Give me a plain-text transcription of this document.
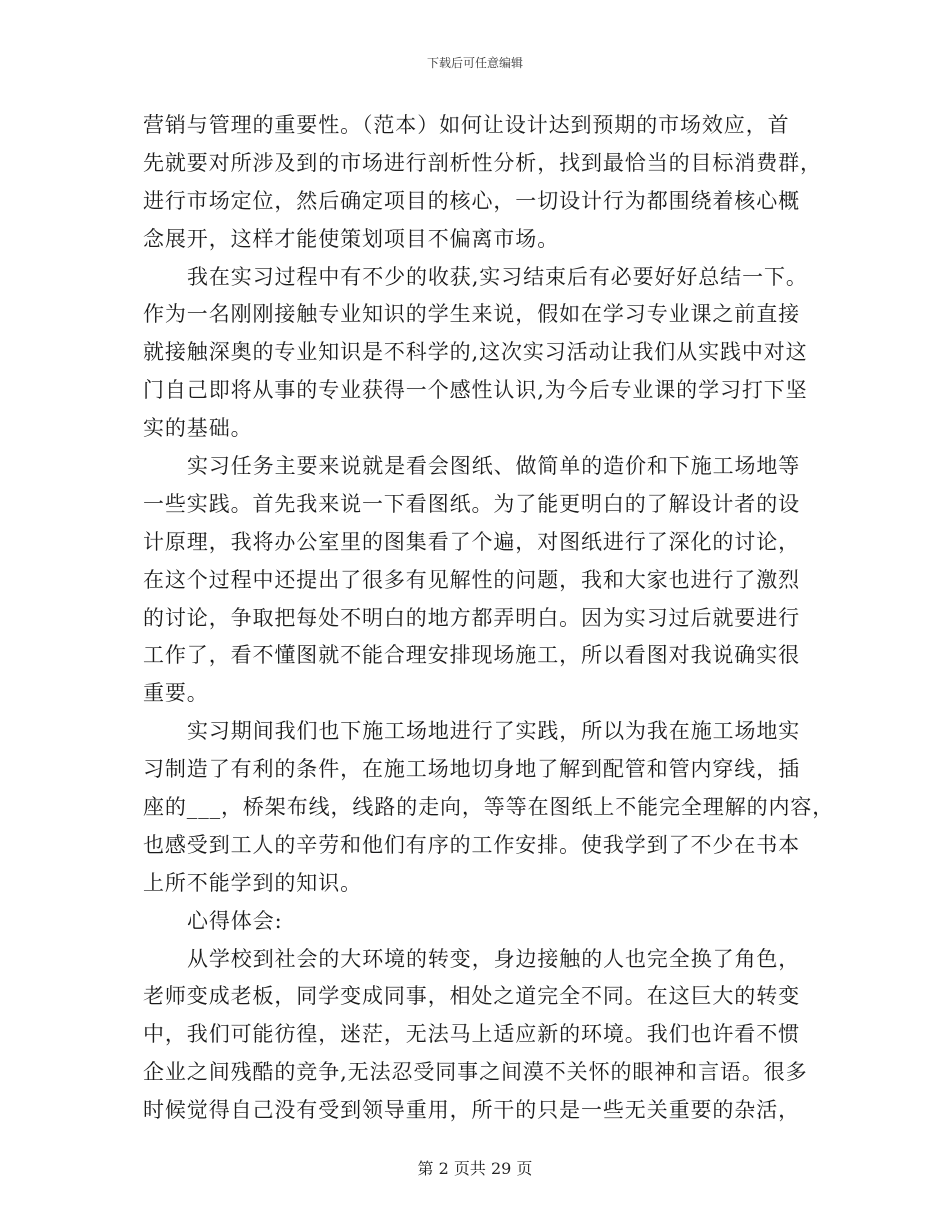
下载后可任意编辑
营销与管理的重要性。（范本）如何让设计达到预期的市场效应，首
先就要对所涉及到的市场进行剖析性分析，找到最恰当的目标消费群，
进行市场定位，然后确定项目的核心，一切设计行为都围绕着核心概
念展开，这样才能使策划项目不偏离市场。
我在实习过程中有不少的收获,实习结束后有必要好好总结一下。
作为一名刚刚接触专业知识的学生来说，假如在学习专业课之前直接
就接触深奥的专业知识是不科学的,这次实习活动让我们从实践中对这
门自己即将从事的专业获得一个感性认识,为今后专业课的学习打下坚
实的基础。
实习任务主要来说就是看会图纸、做简单的造价和下施工场地等
一些实践。首先我来说一下看图纸。为了能更明白的了解设计者的设
计原理，我将办公室里的图集看了个遍，对图纸进行了深化的讨论，
在这个过程中还提出了很多有见解性的问题，我和大家也进行了激烈
的讨论，争取把每处不明白的地方都弄明白。因为实习过后就要进行
工作了，看不懂图就不能合理安排现场施工，所以看图对我说确实很
重要。
实习期间我们也下施工场地进行了实践，所以为我在施工场地实
习制造了有利的条件，在施工场地切身地了解到配管和管内穿线，插
座的___，桥架布线，线路的走向，等等在图纸上不能完全理解的内容，
也感受到工人的辛劳和他们有序的工作安排。使我学到了不少在书本
上所不能学到的知识。
心得体会:
从学校到社会的大环境的转变，身边接触的人也完全换了角色，
老师变成老板，同学变成同事，相处之道完全不同。在这巨大的转变
中，我们可能彷徨，迷茫，无法马上适应新的环境。我们也许看不惯
企业之间残酷的竞争,无法忍受同事之间漠不关怀的眼神和言语。很多
时候觉得自己没有受到领导重用，所干的只是一些无关重要的杂活，
第 2 页共 29 页
